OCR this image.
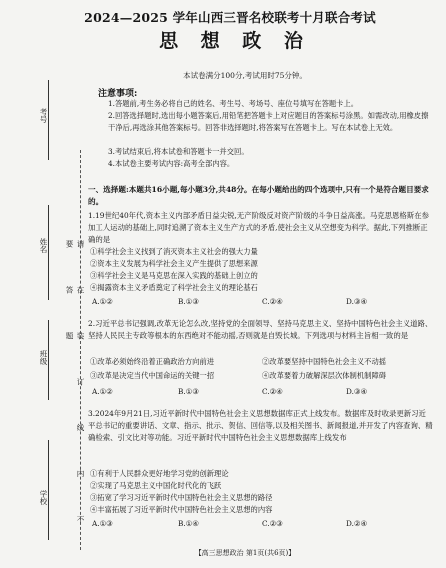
考号
姓名
班级
学校	请 在 装 订 线 内 不 要 答 题
2024—2025 学年山西三晋名校联考十月联合考试
思 想 政 治
本试卷满分100分,考试用时75分钟。
注意事项:
1.答题前,考生务必将自己的姓名、考生号、考场号、座位号填写在答题卡上。
2.回答选择题时,选出每小题答案后,用铅笔把答题卡上对应题目的答案标号涂黑。如需改动,用橡皮擦干净后,再选涂其他答案标号。回答非选择题时,将答案写在答题卡上。写在本试卷上无效。
3.考试结束后,将本试卷和答题卡一并交回。
4.本试卷主要考试内容:高考全部内容。
一、选择题:本题共16小题,每小题3分,共48分。在每小题给出的四个选项中,只有一个是符合题目要求的。
1.19世纪40年代,资本主义内部矛盾日益尖锐,无产阶级反对资产阶级的斗争日益高涨。马克思恩格斯在参加工人运动的基础上,同时追溯了资本主义生产方式的矛盾,使社会主义从空想变为科学。据此,下列推断正确的是
①科学社会主义找到了消灭资本主义社会的强大力量
②资本主义发展为科学社会主义产生提供了思想来源
③科学社会主义是马克思在深入实践的基础上创立的
④揭露资本主义矛盾奠定了科学社会主义的理论基石
A.①②	B.①③	C.②④	D.③④
2.习近平总书记强调,改革无论怎么改,坚持党的全面领导、坚持马克思主义、坚持中国特色社会主义道路、坚持人民民主专政等根本的东西绝对不能动摇,否则就是自毁长城。下列选项与材料主旨相一致的是
①改革必须始终沿着正确政治方向前进	②改革要坚持中国特色社会主义不动摇
③改革是决定当代中国命运的关键一招	④改革要着力破解深层次体制机制障碍
A.①②	B.①③	C.②④	D.③④
3.2024年9月21日,习近平新时代中国特色社会主义思想数据库正式上线发布。数据库及时收录更新习近平总书记的重要讲话、文章、指示、批示、贺信、回信等,以及相关图书、新闻报道,并开发了内容查询、精确检索、引文比对等功能。习近平新时代中国特色社会主义思想数据库上线发布
①有利于人民群众更好地学习党的创新理论
②实现了马克思主义中国化时代化的飞跃
③拓宽了学习习近平新时代中国特色社会主义思想的路径
④丰富拓展了习近平新时代中国特色社会主义思想的内容
A.①③	B.①④	C.②③	D.②④
【高三思想政治 第1页(共6页)】
